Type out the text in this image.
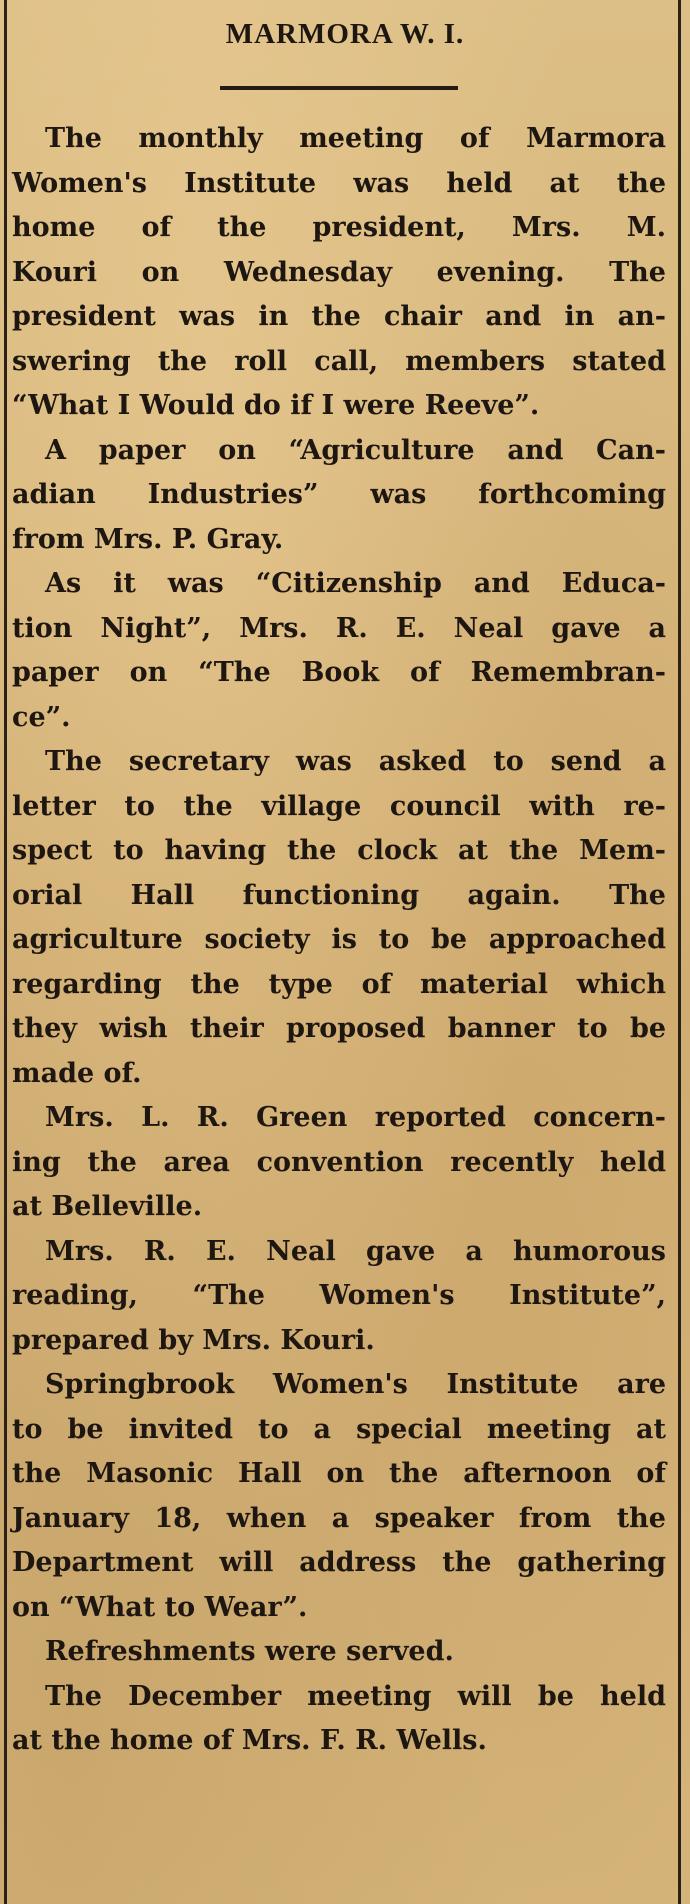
MARMORA W. I.
The monthly meeting of Marmora
Women's Institute was held at the
home of the president, Mrs. M.
Kouri on Wednesday evening. The
president was in the chair and in an-
swering the roll call, members stated
“What I Would do if I were Reeve”.
A paper on “Agriculture and Can-
adian Industries” was forthcoming
from Mrs. P. Gray.
As it was “Citizenship and Educa-
tion Night”, Mrs. R. E. Neal gave a
paper on “The Book of Remembran-
ce”.
The secretary was asked to send a
letter to the village council with re-
spect to having the clock at the Mem-
orial Hall functioning again. The
agriculture society is to be approached
regarding the type of material which
they wish their proposed banner to be
made of.
Mrs. L. R. Green reported concern-
ing the area convention recently held
at Belleville.
Mrs. R. E. Neal gave a humorous
reading, “The Women's Institute”,
prepared by Mrs. Kouri.
Springbrook Women's Institute are
to be invited to a special meeting at
the Masonic Hall on the afternoon of
January 18, when a speaker from the
Department will address the gathering
on “What to Wear”.
Refreshments were served.
The December meeting will be held
at the home of Mrs. F. R. Wells.
